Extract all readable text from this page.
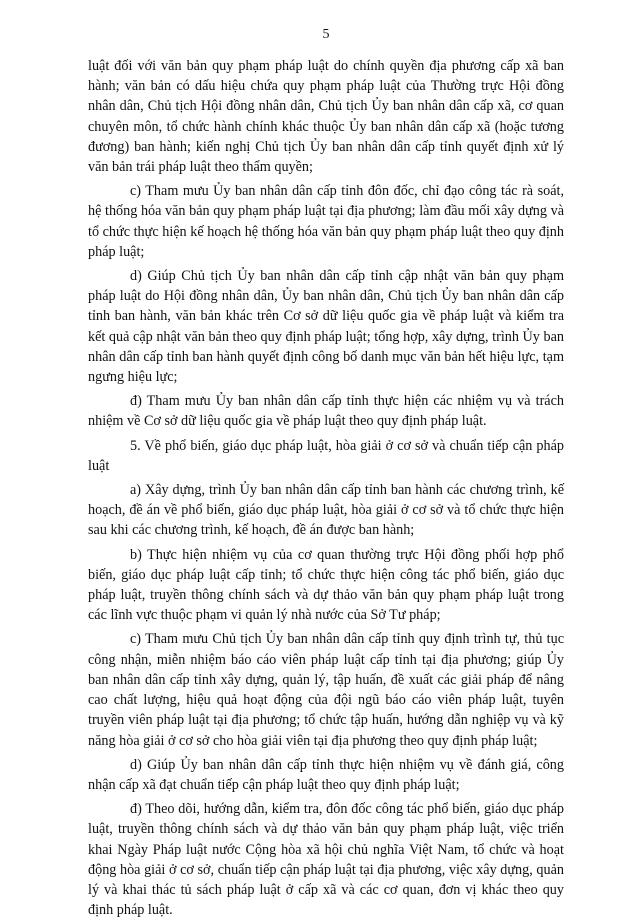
5

luật đối với văn bản quy phạm pháp luật do chính quyền địa phương cấp xã ban hành; văn bản có dấu hiệu chứa quy phạm pháp luật của Thường trực Hội đồng nhân dân, Chủ tịch Hội đồng nhân dân, Chủ tịch Ủy ban nhân dân cấp xã, cơ quan chuyên môn, tổ chức hành chính khác thuộc Ủy ban nhân dân cấp xã (hoặc tương đương) ban hành; kiến nghị Chủ tịch Ủy ban nhân dân cấp tỉnh quyết định xử lý văn bản trái pháp luật theo thẩm quyền;

c) Tham mưu Ủy ban nhân dân cấp tỉnh đôn đốc, chỉ đạo công tác rà soát, hệ thống hóa văn bản quy phạm pháp luật tại địa phương; làm đầu mối xây dựng và tổ chức thực hiện kế hoạch hệ thống hóa văn bản quy phạm pháp luật theo quy định pháp luật;

d) Giúp Chủ tịch Ủy ban nhân dân cấp tỉnh cập nhật văn bản quy phạm pháp luật do Hội đồng nhân dân, Ủy ban nhân dân, Chủ tịch Ủy ban nhân dân cấp tỉnh ban hành, văn bản khác trên Cơ sở dữ liệu quốc gia về pháp luật và kiểm tra kết quả cập nhật văn bản theo quy định pháp luật; tổng hợp, xây dựng, trình Ủy ban nhân dân cấp tỉnh ban hành quyết định công bố danh mục văn bản hết hiệu lực, tạm ngưng hiệu lực;

đ) Tham mưu Ủy ban nhân dân cấp tỉnh thực hiện các nhiệm vụ và trách nhiệm về Cơ sở dữ liệu quốc gia về pháp luật theo quy định pháp luật.

5. Về phổ biến, giáo dục pháp luật, hòa giải ở cơ sở và chuẩn tiếp cận pháp luật

a) Xây dựng, trình Ủy ban nhân dân cấp tỉnh ban hành các chương trình, kế hoạch, đề án về phổ biến, giáo dục pháp luật, hòa giải ở cơ sở và tổ chức thực hiện sau khi các chương trình, kế hoạch, đề án được ban hành;

b) Thực hiện nhiệm vụ của cơ quan thường trực Hội đồng phối hợp phổ biến, giáo dục pháp luật cấp tỉnh; tổ chức thực hiện công tác phổ biến, giáo dục pháp luật, truyền thông chính sách và dự thảo văn bản quy phạm pháp luật trong các lĩnh vực thuộc phạm vi quản lý nhà nước của Sở Tư pháp;

c) Tham mưu Chủ tịch Ủy ban nhân dân cấp tỉnh quy định trình tự, thủ tục công nhận, miễn nhiệm báo cáo viên pháp luật cấp tỉnh tại địa phương; giúp Ủy ban nhân dân cấp tỉnh xây dựng, quản lý, tập huấn, đề xuất các giải pháp để nâng cao chất lượng, hiệu quả hoạt động của đội ngũ báo cáo viên pháp luật, tuyên truyền viên pháp luật tại địa phương; tổ chức tập huấn, hướng dẫn nghiệp vụ và kỹ năng hòa giải ở cơ sở cho hòa giải viên tại địa phương theo quy định pháp luật;

d) Giúp Ủy ban nhân dân cấp tỉnh thực hiện nhiệm vụ về đánh giá, công nhận cấp xã đạt chuẩn tiếp cận pháp luật theo quy định pháp luật;

đ) Theo dõi, hướng dẫn, kiểm tra, đôn đốc công tác phổ biến, giáo dục pháp luật, truyền thông chính sách và dự thảo văn bản quy phạm pháp luật, việc triển khai Ngày Pháp luật nước Cộng hòa xã hội chủ nghĩa Việt Nam, tổ chức và hoạt động hòa giải ở cơ sở, chuẩn tiếp cận pháp luật tại địa phương, việc xây dựng, quản lý và khai thác tủ sách pháp luật ở cấp xã và các cơ quan, đơn vị khác theo quy định pháp luật.
